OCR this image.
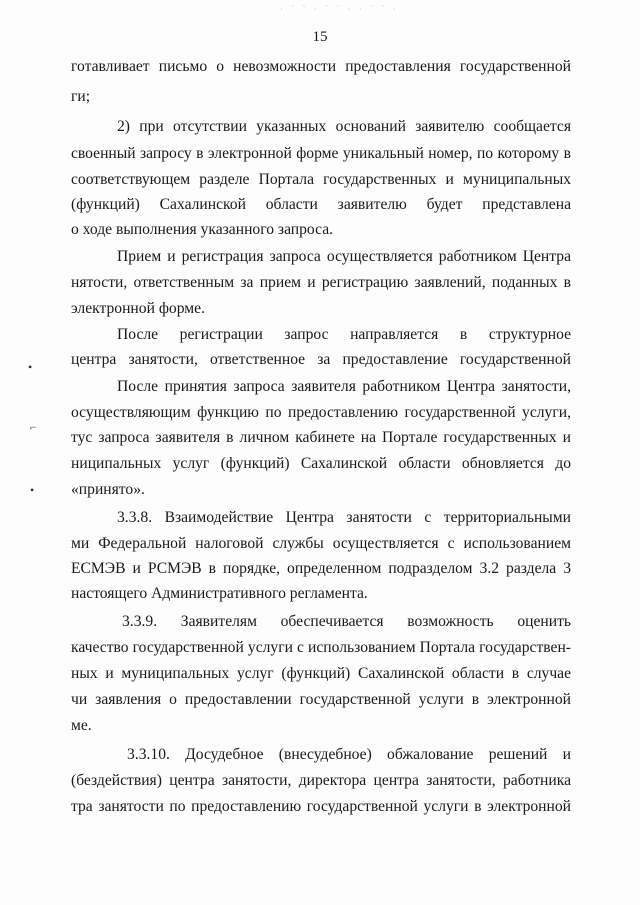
· ˙ ` · ´ ˙ · · ˙ ` ·
15
•
⌐
•
готавливает письмо о невозможности предоставления государственной
ги;
2) при отсутствии указанных оснований заявителю сообщается
своенный запросу в электронной форме уникальный номер, по которому в
соответствующем разделе Портала государственных и муниципальных
(функций) Сахалинской области заявителю будет представлена
о ходе выполнения указанного запроса.
Прием и регистрация запроса осуществляется работником Центра
нятости, ответственным за прием и регистрацию заявлений, поданных в
электронной форме.
После регистрации запрос направляется в структурное
центра занятости, ответственное за предоставление государственной
После принятия запроса заявителя работником Центра занятости,
осуществляющим функцию по предоставлению государственной услуги,
тус запроса заявителя в личном кабинете на Портале государственных и
ниципальных услуг (функций) Сахалинской области обновляется до
«принято».
3.3.8. Взаимодействие Центра занятости с территориальными
ми Федеральной налоговой службы осуществляется с использованием
ЕСМЭВ и РСМЭВ в порядке, определенном подразделом 3.2 раздела 3
настоящего Административного регламента.
3.3.9. Заявителям обеспечивается возможность оценить
качество государственной услуги с использованием Портала государствен-
ных и муниципальных услуг (функций) Сахалинской области в случае
чи заявления о предоставлении государственной услуги в электронной
ме.
3.3.10. Досудебное (внесудебное) обжалование решений и
(бездействия) центра занятости, директора центра занятости, работника
тра занятости по предоставлению государственной услуги в электронной
